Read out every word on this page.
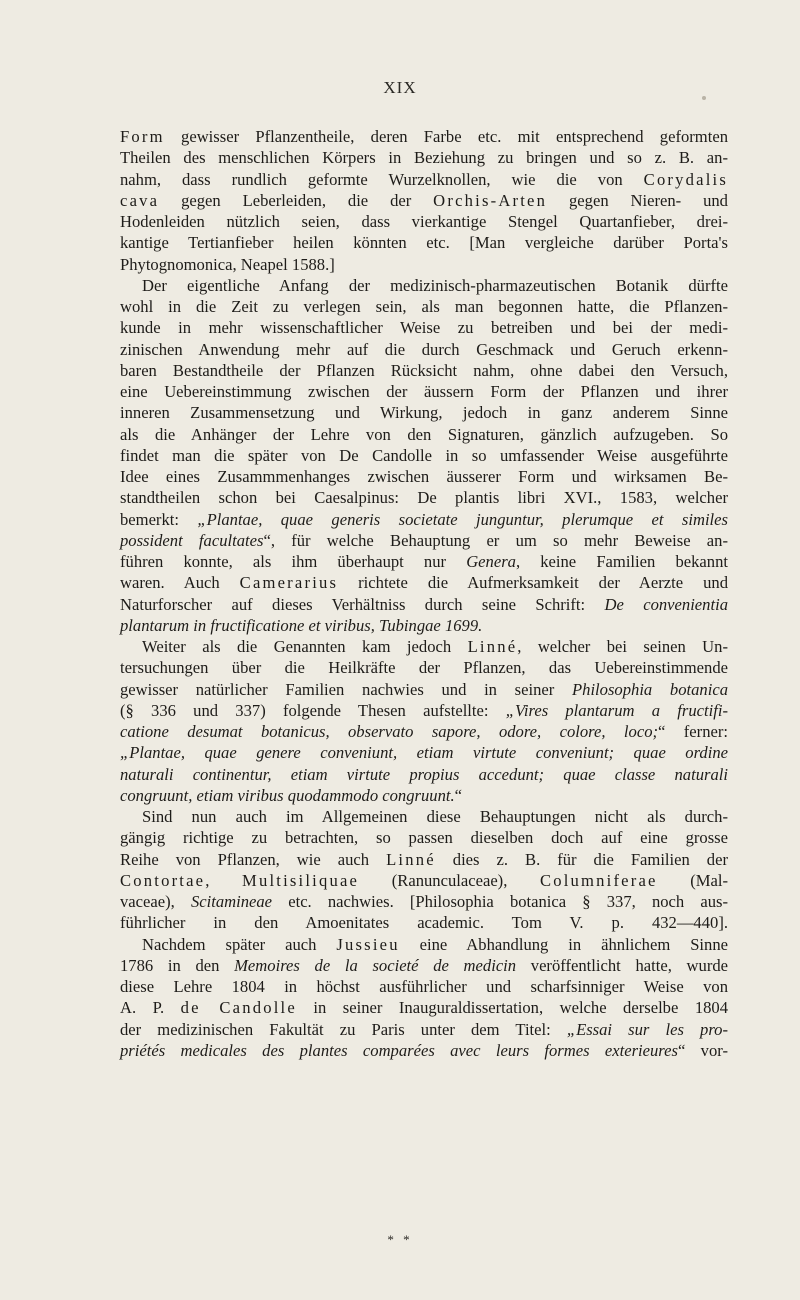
XIX
Form gewisser Pflanzentheile, deren Farbe etc. mit entsprechend geformten
Theilen des menschlichen Körpers in Beziehung zu bringen und so z. B. an-
nahm, dass rundlich geformte Wurzelknollen, wie die von Corydalis
cava gegen Leberleiden, die der Orchis-Arten gegen Nieren- und
Hodenleiden nützlich seien, dass vierkantige Stengel Quartanfieber, drei-
kantige Tertianfieber heilen könnten etc. [Man vergleiche darüber Porta's
Phytognomonica, Neapel 1588.]
Der eigentliche Anfang der medizinisch-pharmazeutischen Botanik dürfte
wohl in die Zeit zu verlegen sein, als man begonnen hatte, die Pflanzen-
kunde in mehr wissenschaftlicher Weise zu betreiben und bei der medi-
zinischen Anwendung mehr auf die durch Geschmack und Geruch erkenn-
baren Bestandtheile der Pflanzen Rücksicht nahm, ohne dabei den Versuch,
eine Uebereinstimmung zwischen der äussern Form der Pflanzen und ihrer
inneren Zusammensetzung und Wirkung, jedoch in ganz anderem Sinne
als die Anhänger der Lehre von den Signaturen, gänzlich aufzugeben. So
findet man die später von De Candolle in so umfassender Weise ausgeführte
Idee eines Zusammmenhanges zwischen äusserer Form und wirksamen Be-
standtheilen schon bei Caesalpinus: De plantis libri XVI., 1583, welcher
bemerkt: „Plantae, quae generis societate junguntur, plerumque et similes
possident facultates“, für welche Behauptung er um so mehr Beweise an-
führen konnte, als ihm überhaupt nur Genera, keine Familien bekannt
waren. Auch Camerarius richtete die Aufmerksamkeit der Aerzte und
Naturforscher auf dieses Verhältniss durch seine Schrift: De convenientia
plantarum in fructificatione et viribus, Tubingae 1699.
Weiter als die Genannten kam jedoch Linné, welcher bei seinen Un-
tersuchungen über die Heilkräfte der Pflanzen, das Uebereinstimmende
gewisser natürlicher Familien nachwies und in seiner Philosophia botanica
(§ 336 und 337) folgende Thesen aufstellte: „Vires plantarum a fructifi-
catione desumat botanicus, observato sapore, odore, colore, loco;“ ferner:
„Plantae, quae genere conveniunt, etiam virtute conveniunt; quae ordine
naturali continentur, etiam virtute propius accedunt; quae classe naturali
congruunt, etiam viribus quodammodo congruunt.“
Sind nun auch im Allgemeinen diese Behauptungen nicht als durch-
gängig richtige zu betrachten, so passen dieselben doch auf eine grosse
Reihe von Pflanzen, wie auch Linné dies z. B. für die Familien der
Contortae, Multisiliquae (Ranunculaceae), Columniferae (Mal-
vaceae), Scitamineae etc. nachwies. [Philosophia botanica § 337, noch aus-
führlicher in den Amoenitates academic. Tom V. p. 432—440].
Nachdem später auch Jussieu eine Abhandlung in ähnlichem Sinne
1786 in den Memoires de la societé de medicin veröffentlicht hatte, wurde
diese Lehre 1804 in höchst ausführlicher und scharfsinniger Weise von
A. P. de Candolle in seiner Inauguraldissertation, welche derselbe 1804
der medizinischen Fakultät zu Paris unter dem Titel: „Essai sur les pro-
priétés medicales des plantes comparées avec leurs formes exterieures“ vor-
* *
